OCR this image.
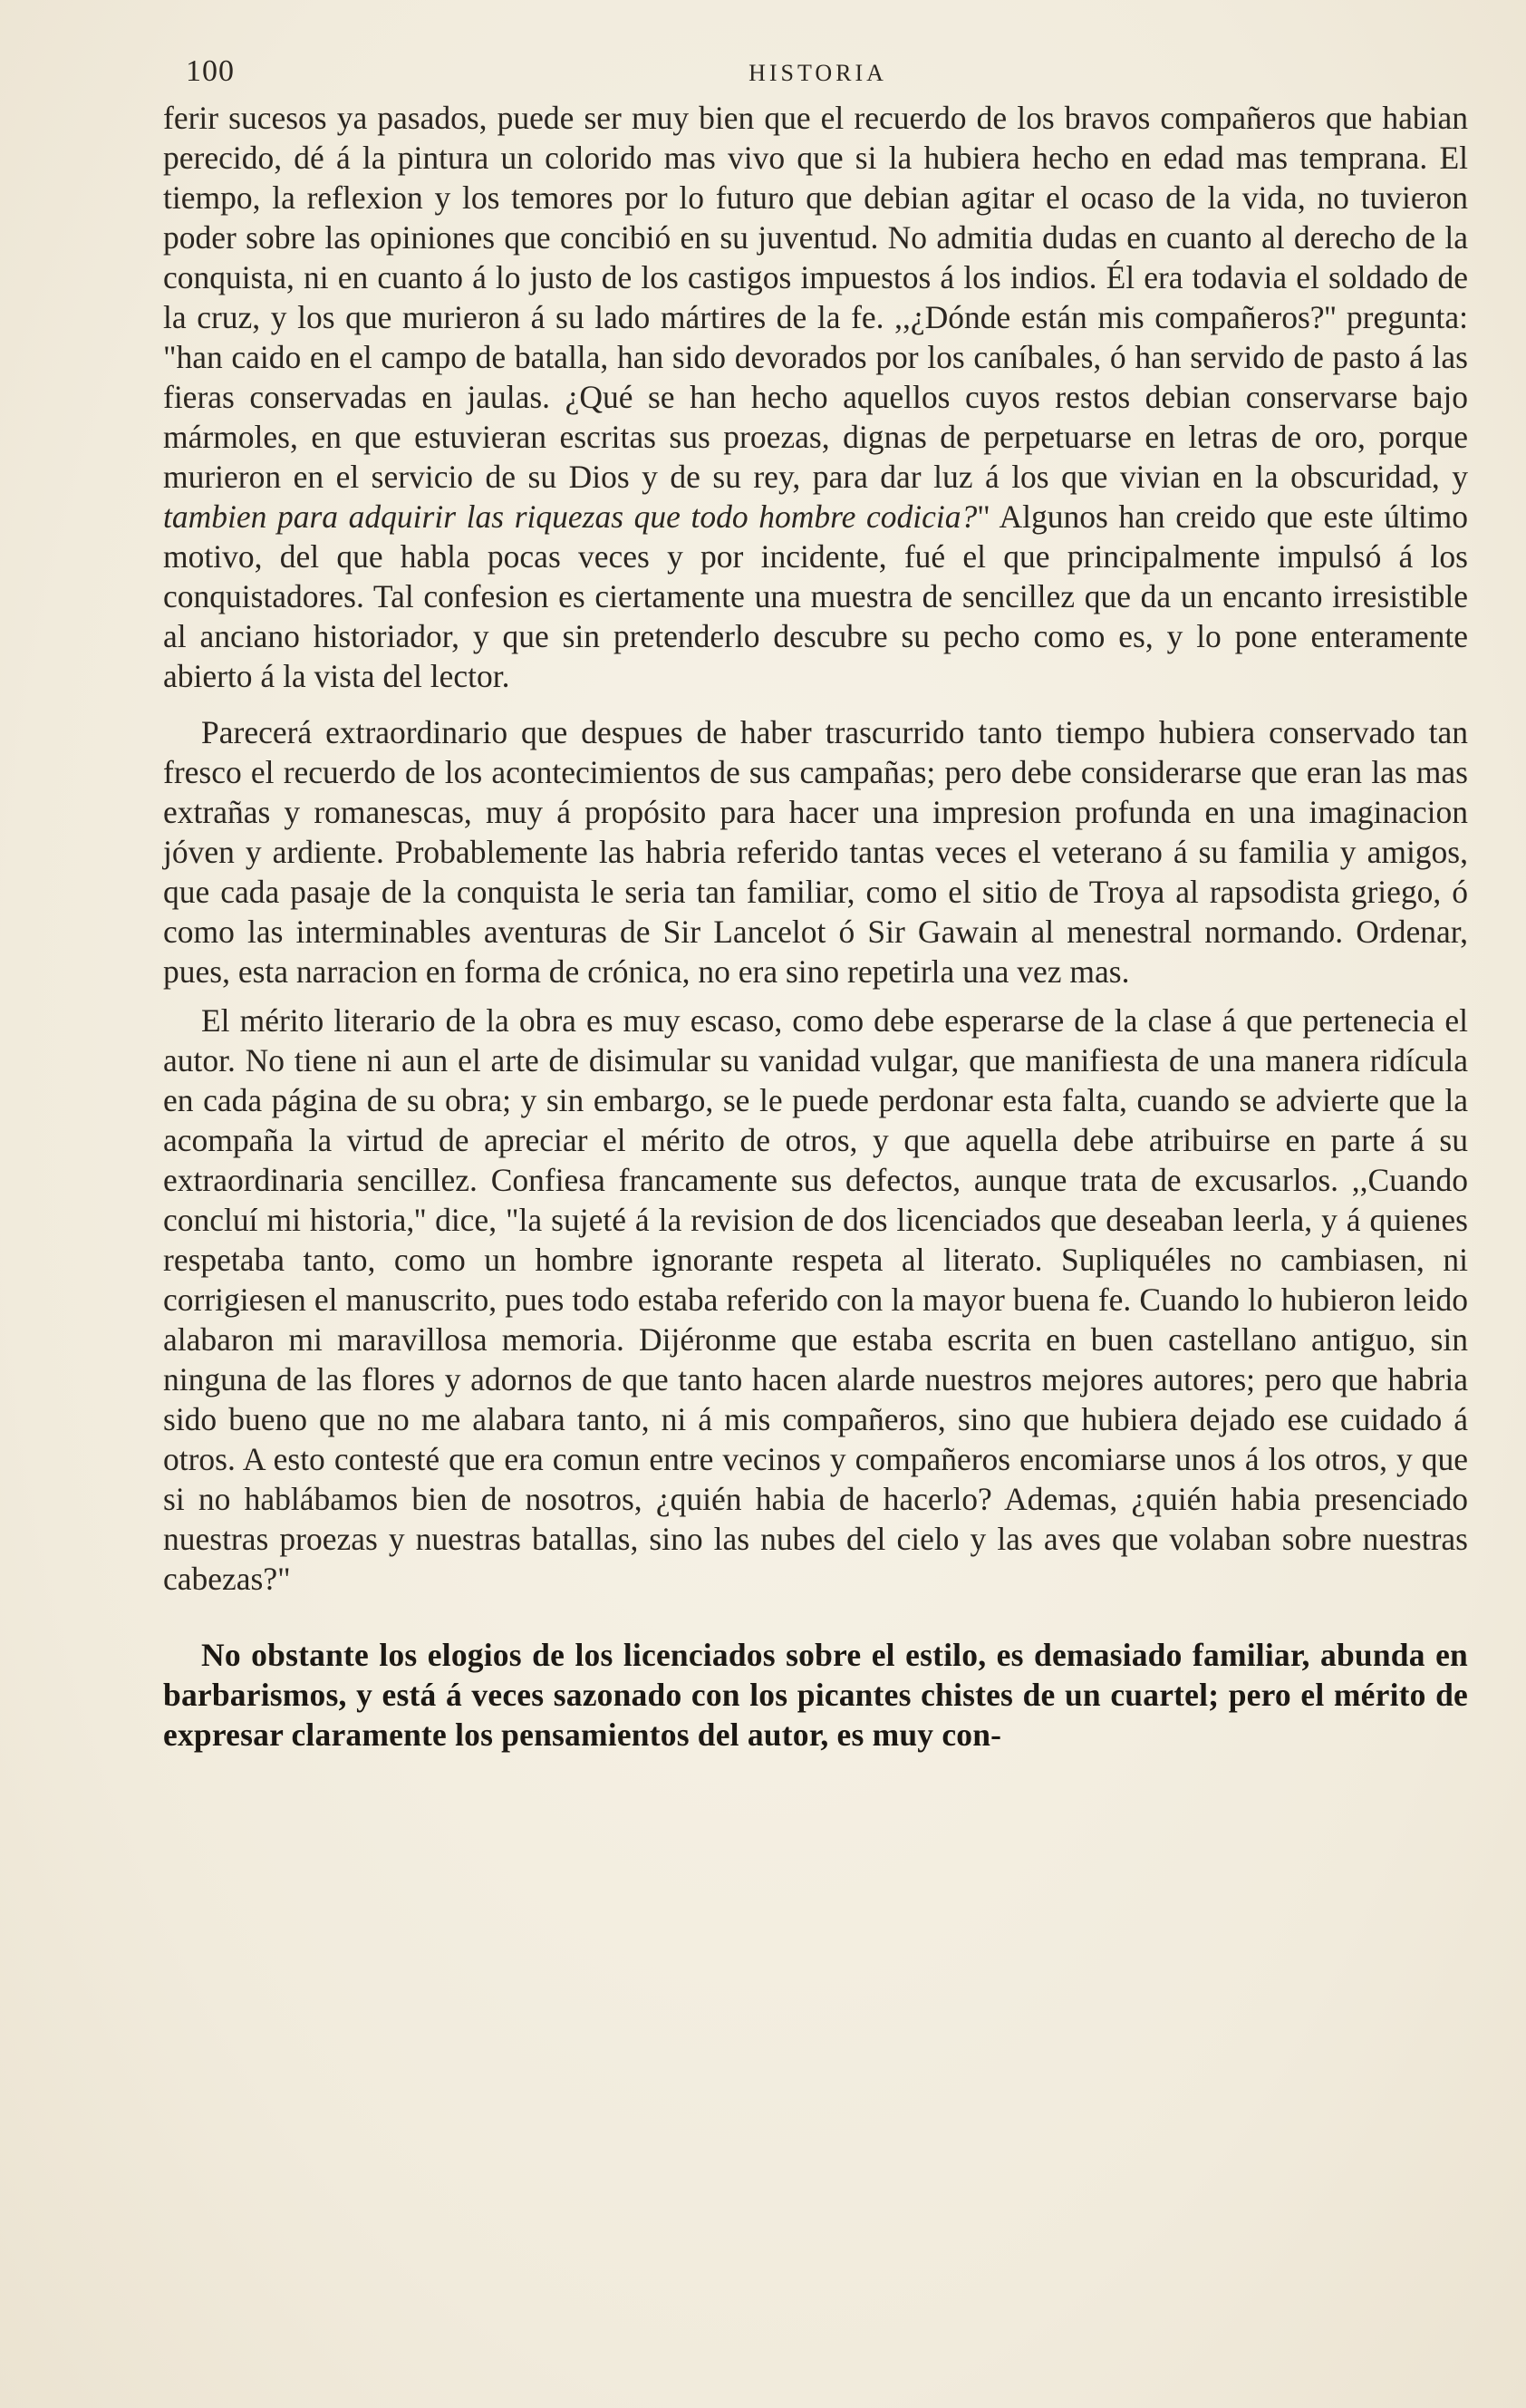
100	HISTORIA

ferir sucesos ya pasados, puede ser muy bien que el recuerdo de los bravos compañeros que habian perecido, dé á la pintura un colorido mas vivo que si la hubiera hecho en edad mas temprana. El tiempo, la reflexion y los temores por lo futuro que debian agitar el ocaso de la vida, no tuvieron poder sobre las opiniones que concibió en su juventud. No admitia dudas en cuanto al derecho de la conquista, ni en cuanto á lo justo de los castigos impuestos á los indios. Él era todavia el soldado de la cruz, y los que murieron á su lado mártires de la fe. ,,¿Dónde están mis compañeros?'' pregunta: "han caido en el campo de batalla, han sido devorados por los caníbales, ó han servido de pasto á las fieras conservadas en jaulas. ¿Qué se han hecho aquellos cuyos restos debian conservarse bajo mármoles, en que estuvieran escritas sus proezas, dignas de perpetuarse en letras de oro, porque murieron en el servicio de su Dios y de su rey, para dar luz á los que vivian en la obscuridad, y tambien para adquirir las riquezas que todo hombre codicia?" Algunos han creido que este último motivo, del que habla pocas veces y por incidente, fué el que principalmente impulsó á los conquistadores. Tal confesion es ciertamente una muestra de sencillez que da un encanto irresistible al anciano historiador, y que sin pretenderlo descubre su pecho como es, y lo pone enteramente abierto á la vista del lector.

Parecerá extraordinario que despues de haber trascurrido tanto tiempo hubiera conservado tan fresco el recuerdo de los acontecimientos de sus campañas; pero debe considerarse que eran las mas extrañas y romanescas, muy á propósito para hacer una impresion profunda en una imaginacion jóven y ardiente. Probablemente las habria referido tantas veces el veterano á su familia y amigos, que cada pasaje de la conquista le seria tan familiar, como el sitio de Troya al rapsodista griego, ó como las interminables aventuras de Sir Lancelot ó Sir Gawain al menestral normando. Ordenar, pues, esta narracion en forma de crónica, no era sino repetirla una vez mas.

El mérito literario de la obra es muy escaso, como debe esperarse de la clase á que pertenecia el autor. No tiene ni aun el arte de disimular su vanidad vulgar, que manifiesta de una manera ridícula en cada página de su obra; y sin embargo, se le puede perdonar esta falta, cuando se advierte que la acompaña la virtud de apreciar el mérito de otros, y que aquella debe atribuirse en parte á su extraordinaria sencillez. Confiesa francamente sus defectos, aunque trata de excusarlos. ,,Cuando concluí mi historia,'' dice, "la sujeté á la revision de dos licenciados que deseaban leerla, y á quienes respetaba tanto, como un hombre ignorante respeta al literato. Supliquéles no cambiasen, ni corrigiesen el manuscrito, pues todo estaba referido con la mayor buena fe. Cuando lo hubieron leido alabaron mi maravillosa memoria. Dijéronme que estaba escrita en buen castellano antiguo, sin ninguna de las flores y adornos de que tanto hacen alarde nuestros mejores autores; pero que habria sido bueno que no me alabara tanto, ni á mis compañeros, sino que hubiera dejado ese cuidado á otros. A esto contesté que era comun entre vecinos y compañeros encomiarse unos á los otros, y que si no hablábamos bien de nosotros, ¿quién habia de hacerlo? Ademas, ¿quién habia presenciado nuestras proezas y nuestras batallas, sino las nubes del cielo y las aves que volaban sobre nuestras cabezas?"

No obstante los elogios de los licenciados sobre el estilo, es demasiado familiar, abunda en barbarismos, y está á veces sazonado con los picantes chistes de un cuartel; pero el mérito de expresar claramente los pensamientos del autor, es muy con-
